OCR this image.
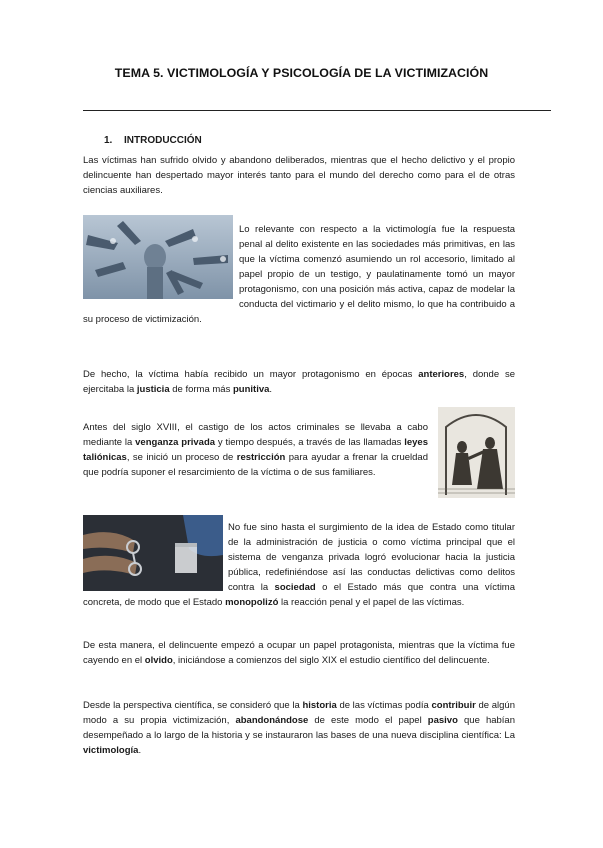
TEMA 5. VICTIMOLOGÍA Y PSICOLOGÍA DE LA VICTIMIZACIÓN
1. INTRODUCCIÓN

Las víctimas han sufrido olvido y abandono deliberados, mientras que el hecho delictivo y el propio delincuente han despertado mayor interés tanto para el mundo del derecho como para el de otras ciencias auxiliares.

Lo relevante con respecto a la victimología fue la respuesta penal al delito existente en las sociedades más primitivas, en las que la víctima comenzó asumiendo un rol accesorio, limitado al papel propio de un testigo, y paulatinamente tomó un mayor protagonismo, con una posición más activa, capaz de modelar la conducta del victimario y el delito mismo, lo que ha contribuido a su proceso de victimización.

De hecho, la víctima había recibido un mayor protagonismo en épocas anteriores, donde se ejercitaba la justicia de forma más punitiva.

Antes del siglo XVIII, el castigo de los actos criminales se llevaba a cabo mediante la venganza privada y tiempo después, a través de las llamadas leyes taliónicas, se inició un proceso de restricción para ayudar a frenar la crueldad que podría suponer el resarcimiento de la víctima o de sus familiares.

No fue sino hasta el surgimiento de la idea de Estado como titular de la administración de justicia o como víctima principal que el sistema de venganza privada logró evolucionar hacia la justicia pública, redefiniéndose así las conductas delictivas como delitos contra la sociedad o el Estado más que contra una víctima concreta, de modo que el Estado monopolizó la reacción penal y el papel de las víctimas.

De esta manera, el delincuente empezó a ocupar un papel protagonista, mientras que la víctima fue cayendo en el olvido, iniciándose a comienzos del siglo XIX el estudio científico del delincuente.

Desde la perspectiva científica, se consideró que la historia de las víctimas podía contribuir de algún modo a su propia victimización, abandonándose de este modo el papel pasivo que habían desempeñado a lo largo de la historia y se instauraron las bases de una nueva disciplina científica: La victimología.
